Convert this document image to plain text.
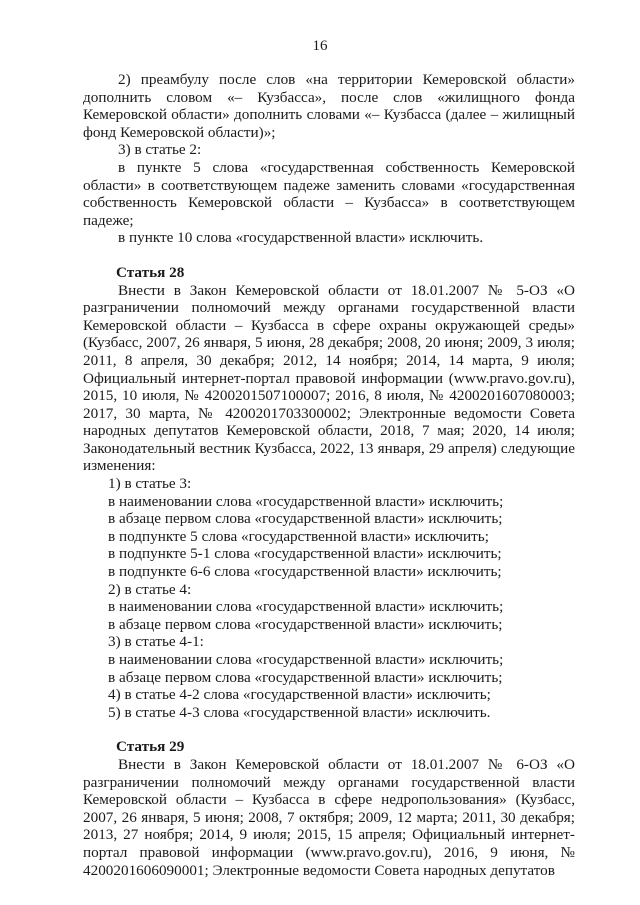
16

2) преамбулу после слов «на территории Кемеровской области» дополнить словом «– Кузбасса», после слов «жилищного фонда Кемеровской области» дополнить словами «– Кузбасса (далее – жилищный фонд Кемеровской области)»;

3) в статье 2:

в пункте 5 слова «государственная собственность Кемеровской области» в соответствующем падеже заменить словами «государственная собственность Кемеровской области – Кузбасса» в соответствующем падеже;

в пункте 10 слова «государственной власти» исключить.

Статья 28

Внести в Закон Кемеровской области от 18.01.2007 № 5-ОЗ «О разграничении полномочий между органами государственной власти Кемеровской области – Кузбасса в сфере охраны окружающей среды» (Кузбасс, 2007, 26 января, 5 июня, 28 декабря; 2008, 20 июня; 2009, 3 июля; 2011, 8 апреля, 30 декабря; 2012, 14 ноября; 2014, 14 марта, 9 июля; Официальный интернет-портал правовой информации (www.pravo.gov.ru), 2015, 10 июля, № 4200201507100007; 2016, 8 июля, № 4200201607080003; 2017, 30 марта, № 4200201703300002; Электронные ведомости Совета народных депутатов Кемеровской области, 2018, 7 мая; 2020, 14 июля; Законодательный вестник Кузбасса, 2022, 13 января, 29 апреля) следующие изменения:

1) в статье 3:

в наименовании слова «государственной власти» исключить;

в абзаце первом слова «государственной власти» исключить;

в подпункте 5 слова «государственной власти» исключить;

в подпункте 5-1 слова «государственной власти» исключить;

в подпункте 6-6 слова «государственной власти» исключить;

2) в статье 4:

в наименовании слова «государственной власти» исключить;

в абзаце первом слова «государственной власти» исключить;

3) в статье 4-1:

в наименовании слова «государственной власти» исключить;

в абзаце первом слова «государственной власти» исключить;

4) в статье 4-2 слова «государственной власти» исключить;

5) в статье 4-3 слова «государственной власти» исключить.

Статья 29

Внести в Закон Кемеровской области от 18.01.2007 № 6-ОЗ «О разграничении полномочий между органами государственной власти Кемеровской области – Кузбасса в сфере недропользования» (Кузбасс, 2007, 26 января, 5 июня; 2008, 7 октября; 2009, 12 марта; 2011, 30 декабря; 2013, 27 ноября; 2014, 9 июля; 2015, 15 апреля; Официальный интернет-портал правовой информации (www.pravo.gov.ru), 2016, 9 июня, № 4200201606090001; Электронные ведомости Совета народных депутатов
